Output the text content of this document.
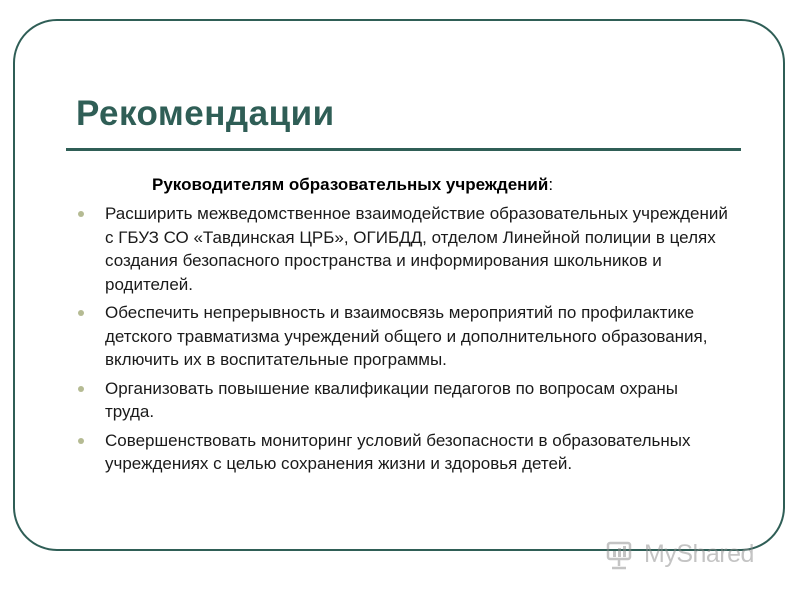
Рекомендации
Руководителям образовательных учреждений:
Расширить межведомственное взаимодействие образовательных учреждений с ГБУЗ СО «Тавдинская ЦРБ», ОГИБДД, отделом Линейной полиции в целях создания безопасного пространства и информирования школьников и родителей.
Обеспечить непрерывность и взаимосвязь мероприятий по профилактике детского травматизма учреждений общего и дополнительного образования, включить их в воспитательные программы.
Организовать повышение квалификации педагогов по вопросам охраны труда.
Совершенствовать мониторинг условий безопасности в образовательных учреждениях с целью сохранения жизни и здоровья детей.
MyShared
